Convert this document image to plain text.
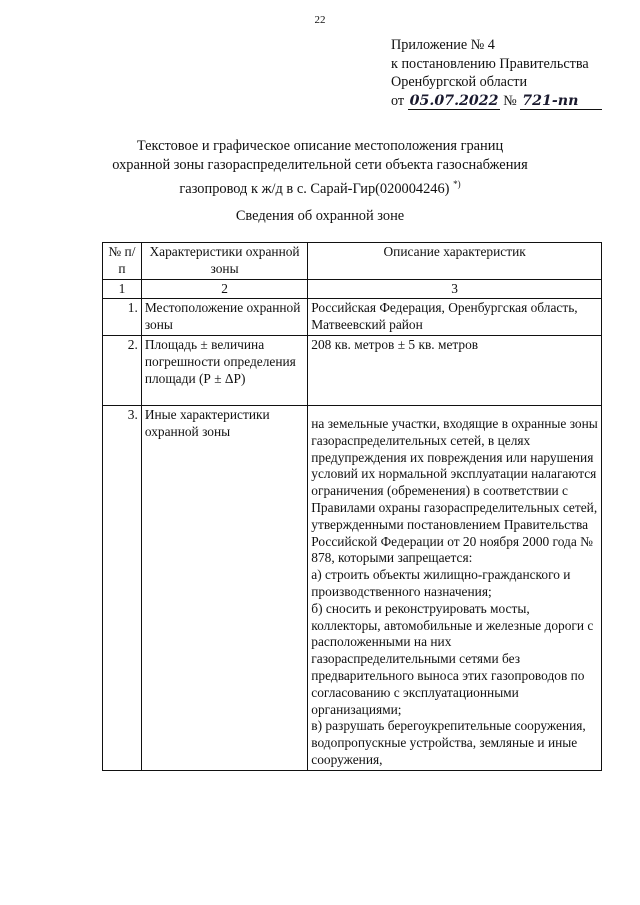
22
Приложение № 4
к постановлению Правительства
Оренбургской области
от 05.07.2022 № 721-пп
Текстовое и графическое описание местоположения границ
охранной зоны газораспределительной сети объекта газоснабжения
газопровод к ж/д в с. Сарай-Гир(020004246) *)
Сведения об охранной зоне
№ п/п	Характеристики охранной зоны	Описание характеристик
1	2	3
1.	Местоположение охранной зоны	Российская Федерация, Оренбургская область, Матвеевский район
2.	Площадь ± величина погрешности определения площади (Р ± ΔР)	208 кв. метров ± 5 кв. метров
3.	Иные характеристики охранной зоны	на земельные участки, входящие в охранные зоны газораспределительных сетей, в целях предупреждения их повреждения или нарушения условий их нормальной эксплуатации налагаются ограничения (обременения) в соответствии с Правилами охраны газораспределительных сетей, утвержденными постановлением Правительства Российской Федерации от 20 ноября 2000 года № 878, которыми запрещается:
а) строить объекты жилищно-гражданского и производственного назначения;
б) сносить и реконструировать мосты, коллекторы, автомобильные и железные дороги с расположенными на них газораспределительными сетями без предварительного выноса этих газопроводов по согласованию с эксплуатационными организациями;
в) разрушать берегоукрепительные сооружения, водопропускные устройства, земляные и иные сооружения,
